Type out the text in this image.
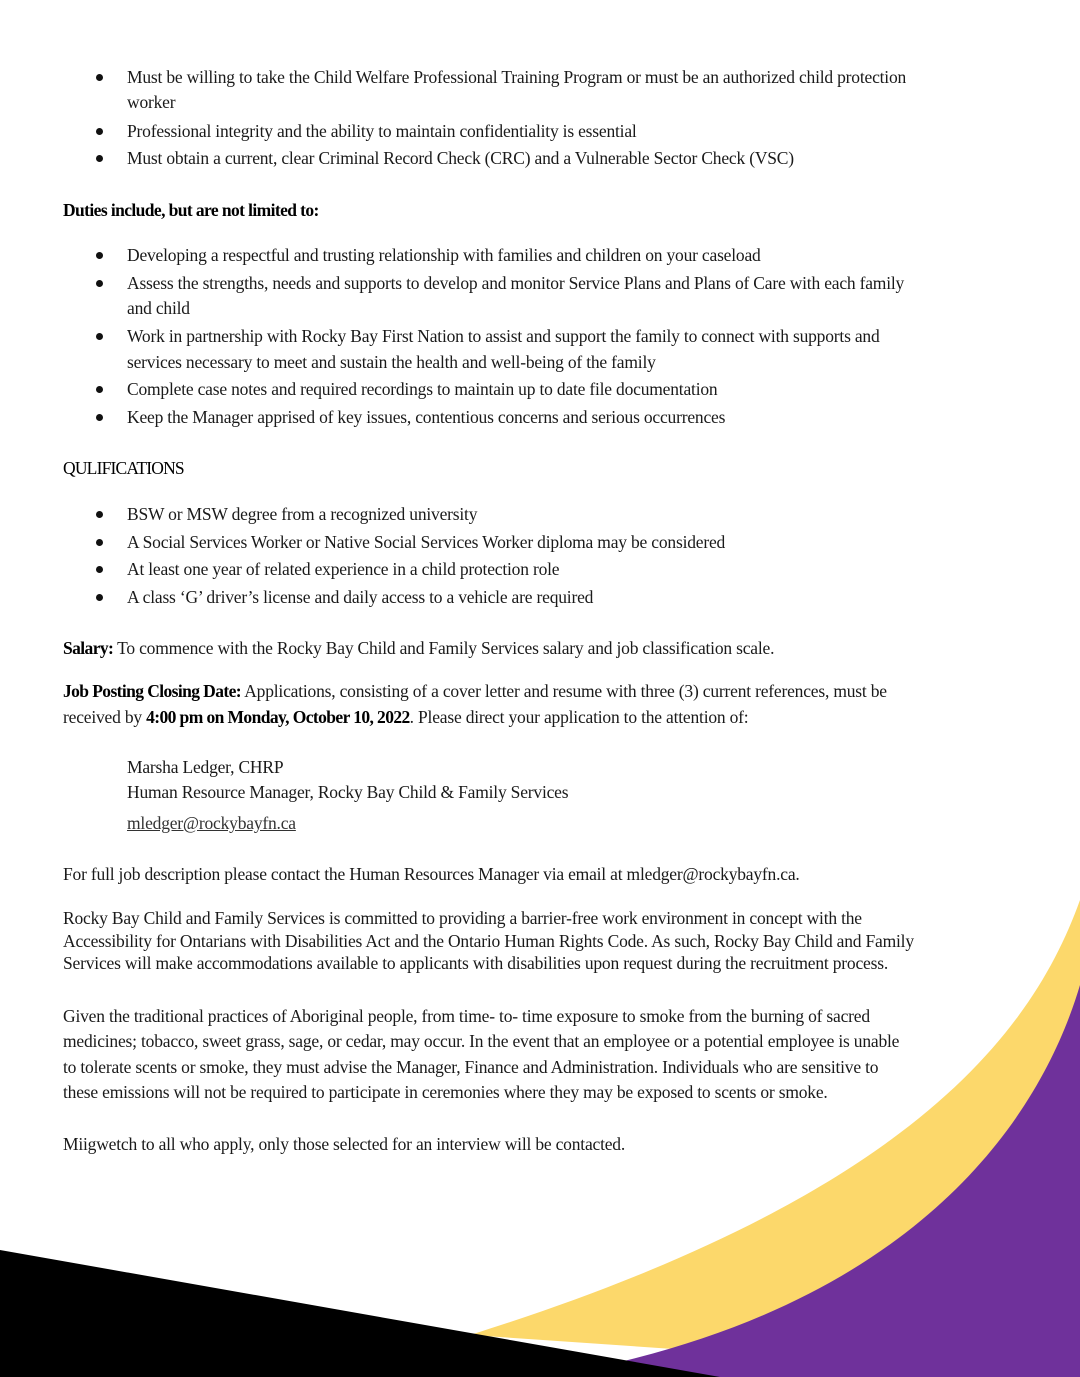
Must be willing to take the Child Welfare Professional Training Program or must be an authorized child protection
worker
Professional integrity and the ability to maintain confidentiality is essential
Must obtain a current, clear Criminal Record Check (CRC) and a Vulnerable Sector Check (VSC)
Duties include, but are not limited to:
Developing a respectful and trusting relationship with families and children on your caseload
Assess the strengths, needs and supports to develop and monitor Service Plans and Plans of Care with each family
and child
Work in partnership with Rocky Bay First Nation to assist and support the family to connect with supports and
services necessary to meet and sustain the health and well-being of the family
Complete case notes and required recordings to maintain up to date file documentation
Keep the Manager apprised of key issues, contentious concerns and serious occurrences
QULIFICATIONS
BSW or MSW degree from a recognized university
A Social Services Worker or Native Social Services Worker diploma may be considered
At least one year of related experience in a child protection role
A class ‘G’ driver’s license and daily access to a vehicle are required
Salary: To commence with the Rocky Bay Child and Family Services salary and job classification scale.
Job Posting Closing Date: Applications, consisting of a cover letter and resume with three (3) current references, must be
received by 4:00 pm on Monday, October 10, 2022. Please direct your application to the attention of:
Marsha Ledger, CHRP
Human Resource Manager, Rocky Bay Child & Family Services
mledger@rockybayfn.ca
For full job description please contact the Human Resources Manager via email at mledger@rockybayfn.ca.
Rocky Bay Child and Family Services is committed to providing a barrier-free work environment in concept with the
Accessibility for Ontarians with Disabilities Act and the Ontario Human Rights Code. As such, Rocky Bay Child and Family
Services will make accommodations available to applicants with disabilities upon request during the recruitment process.
Given the traditional practices of Aboriginal people, from time- to- time exposure to smoke from the burning of sacred
medicines; tobacco, sweet grass, sage, or cedar, may occur. In the event that an employee or a potential employee is unable
to tolerate scents or smoke, they must advise the Manager, Finance and Administration. Individuals who are sensitive to
these emissions will not be required to participate in ceremonies where they may be exposed to scents or smoke.
Miigwetch to all who apply, only those selected for an interview will be contacted.
